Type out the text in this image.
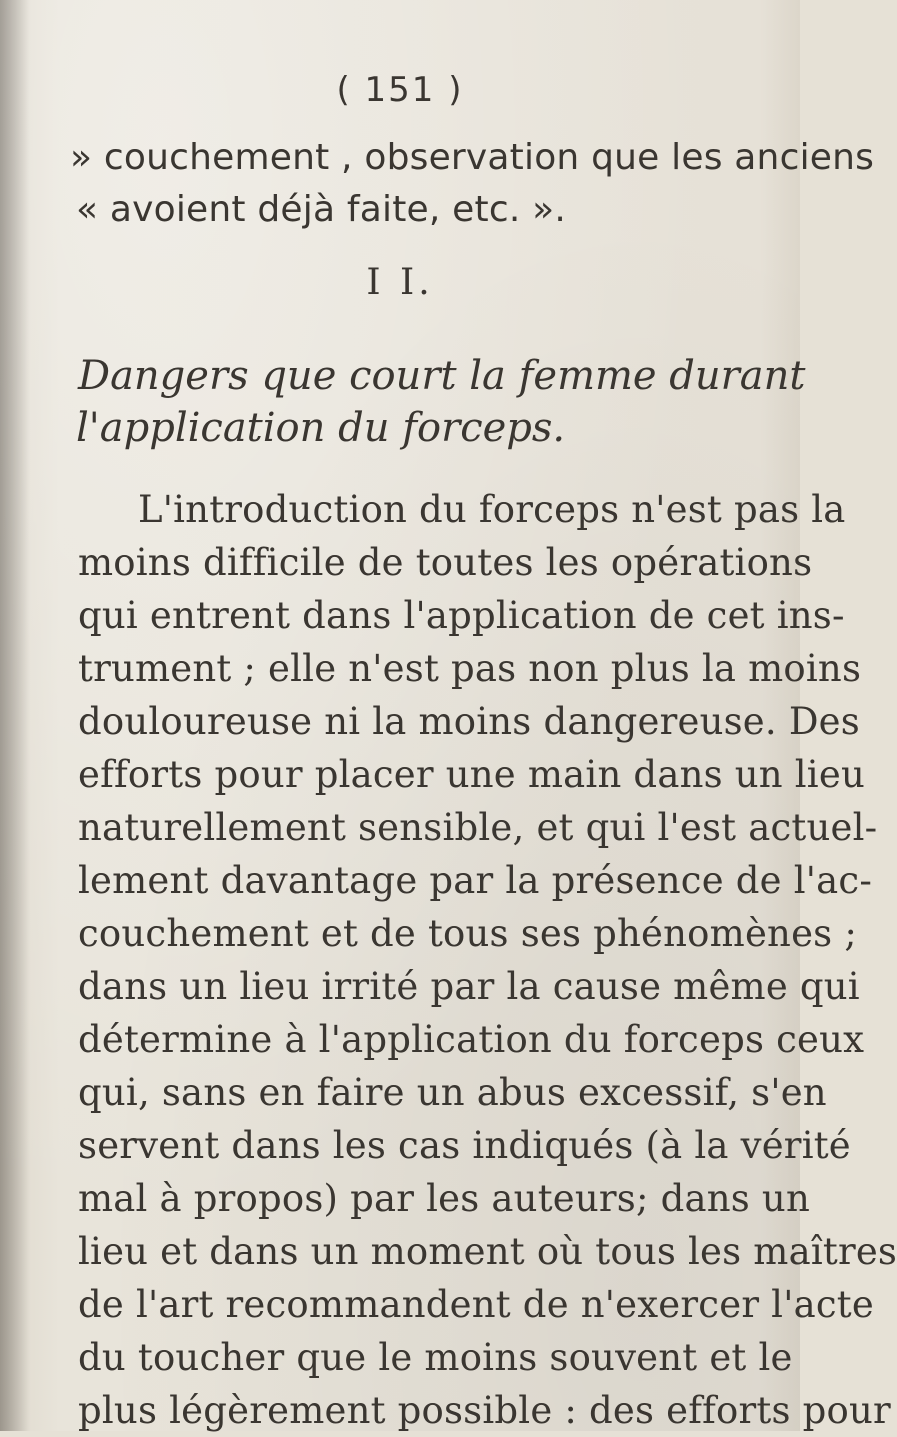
( 151 )
» couchement , observation que les anciens
« avoient déjà faite, etc. ».
I I.
Dangers que court la femme durant
l'application du forceps.
L'introduction du forceps n'est pas la
moins difficile de toutes les opérations
qui entrent dans l'application de cet ins-
trument ; elle n'est pas non plus la moins
douloureuse ni la moins dangereuse. Des
efforts pour placer une main dans un lieu
naturellement sensible, et qui l'est actuel-
lement davantage par la présence de l'ac-
couchement et de tous ses phénomènes ;
dans un lieu irrité par la cause même qui
détermine à l'application du forceps ceux
qui, sans en faire un abus excessif, s'en
servent dans les cas indiqués (à la vérité
mal à propos) par les auteurs; dans un
lieu et dans un moment où tous les maîtres
de l'art recommandent de n'exercer l'acte
du toucher que le moins souvent et le
plus légèrement possible : des efforts pour
